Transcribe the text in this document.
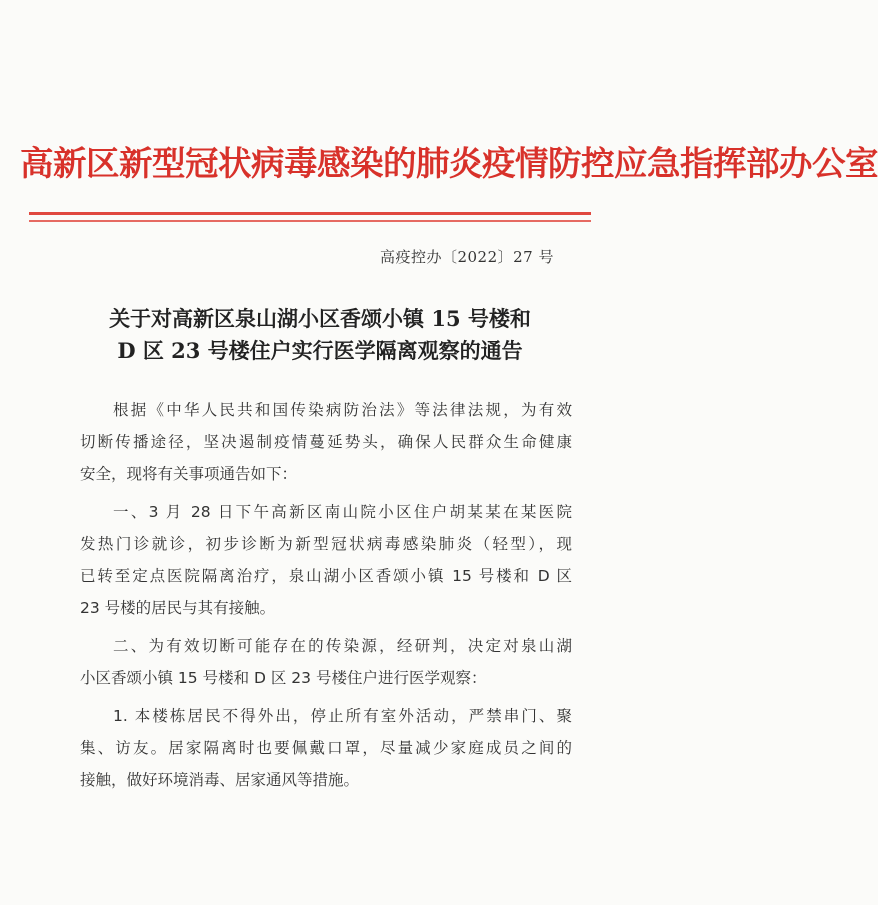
高新区新型冠状病毒感染的肺炎疫情防控应急指挥部办公室
高疫控办〔2022〕27 号
关于对高新区泉山湖小区香颂小镇 15 号楼和
D 区 23 号楼住户实行医学隔离观察的通告
根据《中华人民共和国传染病防治法》等法律法规，为有效
切断传播途径，坚决遏制疫情蔓延势头，确保人民群众生命健康
安全，现将有关事项通告如下：
一、3 月 28 日下午高新区南山院小区住户胡某某在某医院
发热门诊就诊，初步诊断为新型冠状病毒感染肺炎（轻型），现
已转至定点医院隔离治疗，泉山湖小区香颂小镇 15 号楼和 D 区
23 号楼的居民与其有接触。
二、为有效切断可能存在的传染源，经研判，决定对泉山湖
小区香颂小镇 15 号楼和 D 区 23 号楼住户进行医学观察：
1. 本楼栋居民不得外出，停止所有室外活动，严禁串门、聚
集、访友。居家隔离时也要佩戴口罩，尽量减少家庭成员之间的
接触，做好环境消毒、居家通风等措施。
